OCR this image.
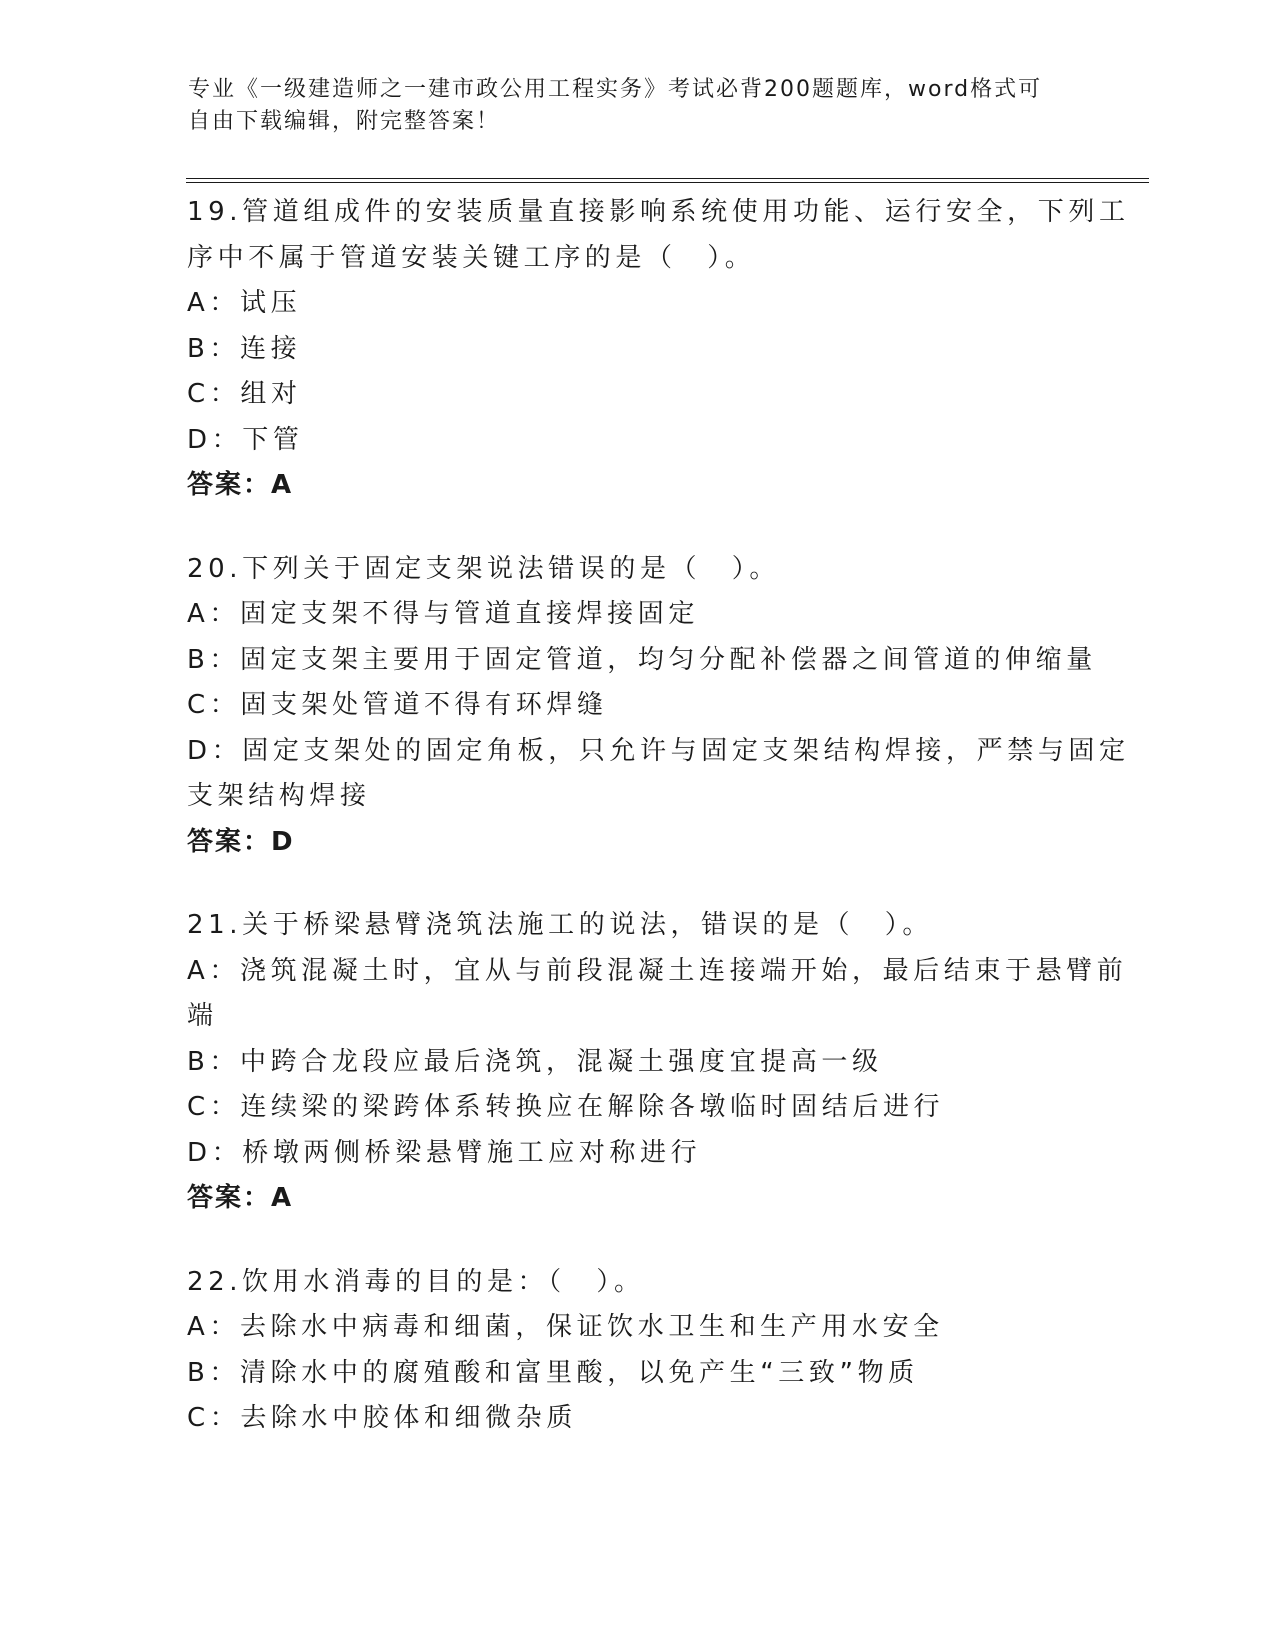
专业《一级建造师之一建市政公用工程实务》考试必背200题题库，word格式可
自由下载编辑，附完整答案！
19.管道组成件的安装质量直接影响系统使用功能、运行安全，下列工
序中不属于管道安装关键工序的是（　）。
A：试压
B：连接
C：组对
D：下管
答案：A
20.下列关于固定支架说法错误的是（　）。
A：固定支架不得与管道直接焊接固定
B：固定支架主要用于固定管道，均匀分配补偿器之间管道的伸缩量
C：固支架处管道不得有环焊缝
D：固定支架处的固定角板，只允许与固定支架结构焊接，严禁与固定
支架结构焊接
答案：D
21.关于桥梁悬臂浇筑法施工的说法，错误的是（　）。
A：浇筑混凝土时，宜从与前段混凝土连接端开始，最后结束于悬臂前
端
B：中跨合龙段应最后浇筑，混凝土强度宜提高一级
C：连续梁的梁跨体系转换应在解除各墩临时固结后进行
D：桥墩两侧桥梁悬臂施工应对称进行
答案：A
22.饮用水消毒的目的是：（　）。
A：去除水中病毒和细菌，保证饮水卫生和生产用水安全
B：清除水中的腐殖酸和富里酸，以免产生“三致”物质
C：去除水中胶体和细微杂质
